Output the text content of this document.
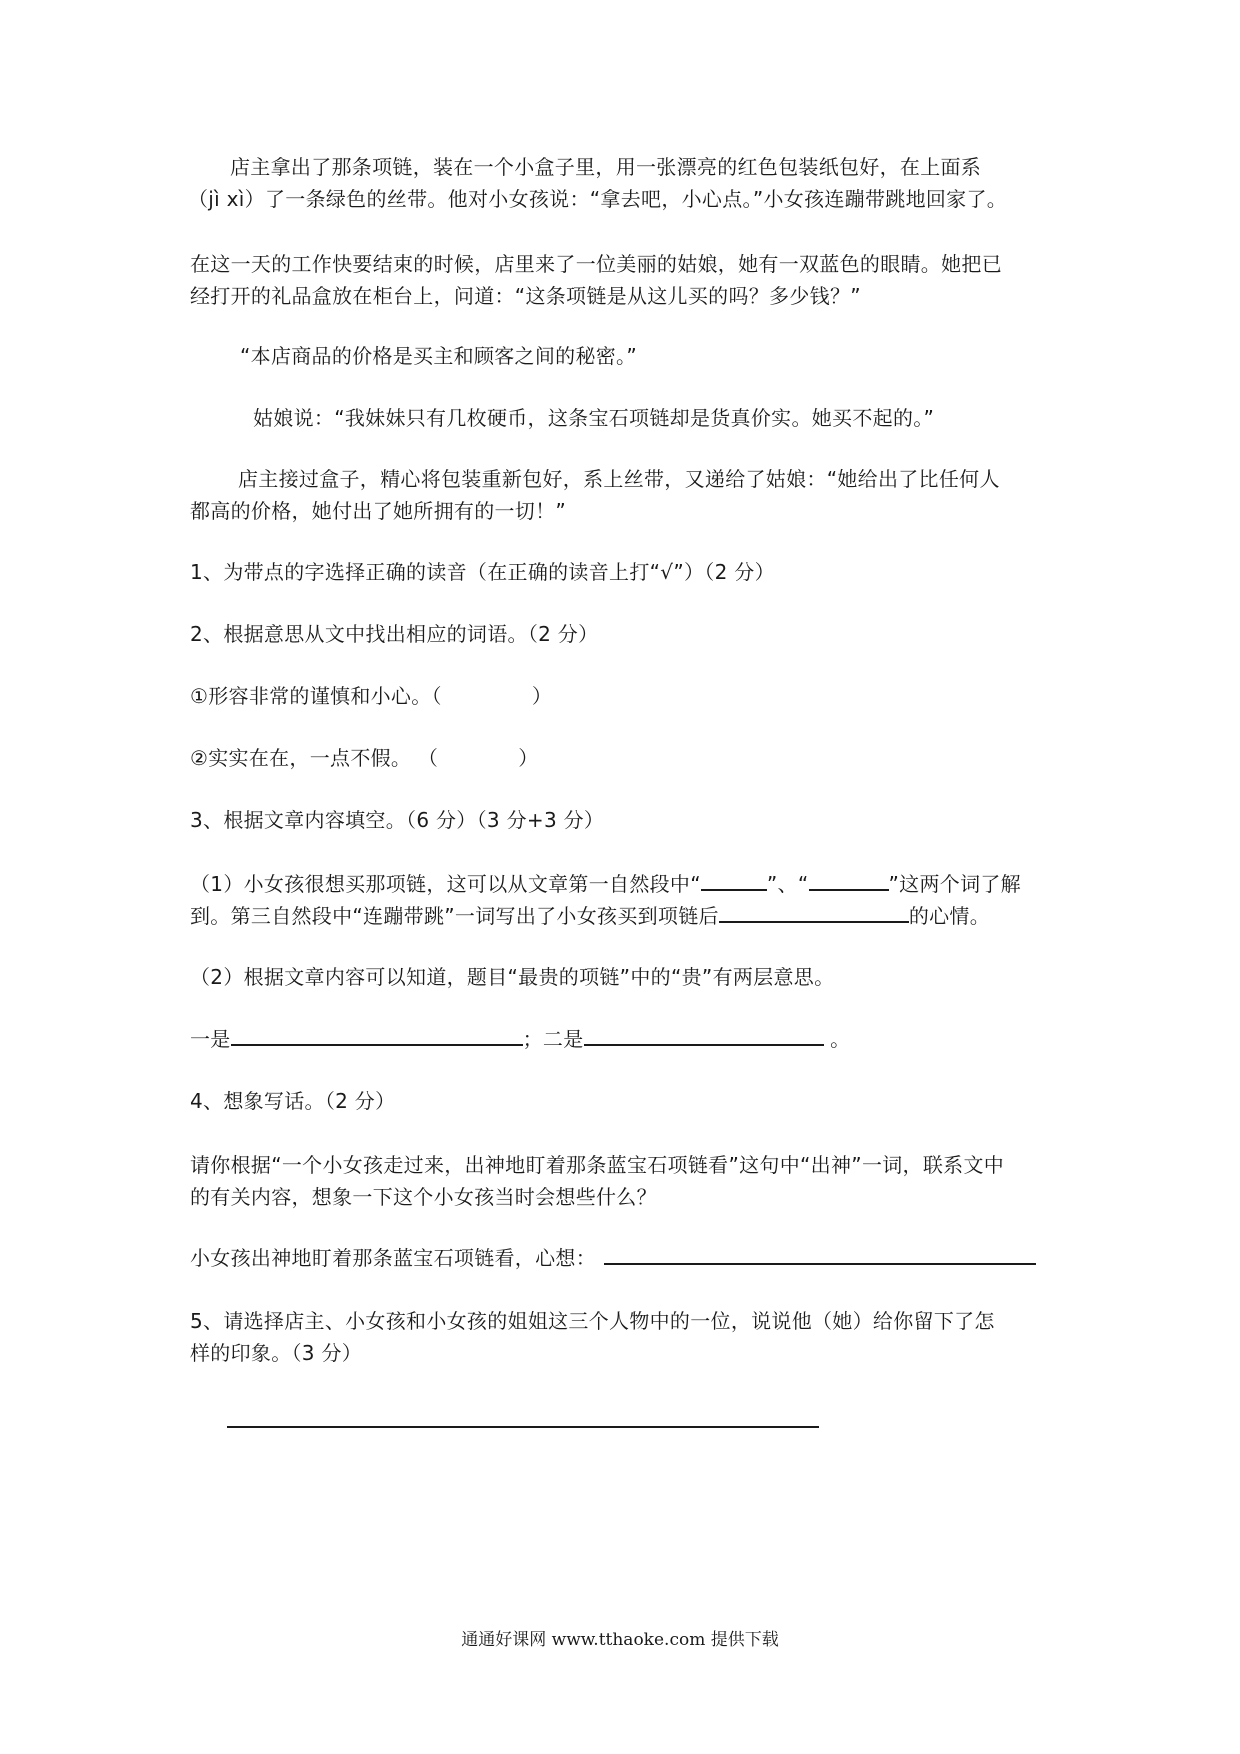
店主拿出了那条项链，装在一个小盒子里，用一张漂亮的红色包装纸包好，在上面系
（jì xì）了一条绿色的丝带。他对小女孩说：“拿去吧，小心点。”小女孩连蹦带跳地回家了。
在这一天的工作快要结束的时候，店里来了一位美丽的姑娘，她有一双蓝色的眼睛。她把已
经打开的礼品盒放在柜台上，问道：“这条项链是从这儿买的吗？多少钱？”
“本店商品的价格是买主和顾客之间的秘密。”
姑娘说：“我妹妹只有几枚硬币，这条宝石项链却是货真价实。她买不起的。”
店主接过盒子，精心将包装重新包好，系上丝带，又递给了姑娘：“她给出了比任何人
都高的价格，她付出了她所拥有的一切！”
1、为带点的字选择正确的读音（在正确的读音上打“√”）（2 分）
2、根据意思从文中找出相应的词语。（2 分）
①形容非常的谨慎和小心。（	）
②实实在在，一点不假。 （	）
3、根据文章内容填空。（6 分）（3 分+3 分）
（1）小女孩很想买那项链，这可以从文章第一自然段中“	”、“	”这两个词了解
到。第三自然段中“连蹦带跳”一词写出了小女孩买到项链后	的心情。
（2）根据文章内容可以知道，题目“最贵的项链”中的“贵”有两层意思。
一是	；二是	。
4、想象写话。（2 分）
请你根据“一个小女孩走过来，出神地盯着那条蓝宝石项链看”这句中“出神”一词，联系文中
的有关内容，想象一下这个小女孩当时会想些什么？
小女孩出神地盯着那条蓝宝石项链看，心想：
5、请选择店主、小女孩和小女孩的姐姐这三个人物中的一位，说说他（她）给你留下了怎
样的印象。（3 分）
通通好课网 www.tthaoke.com 提供下载
